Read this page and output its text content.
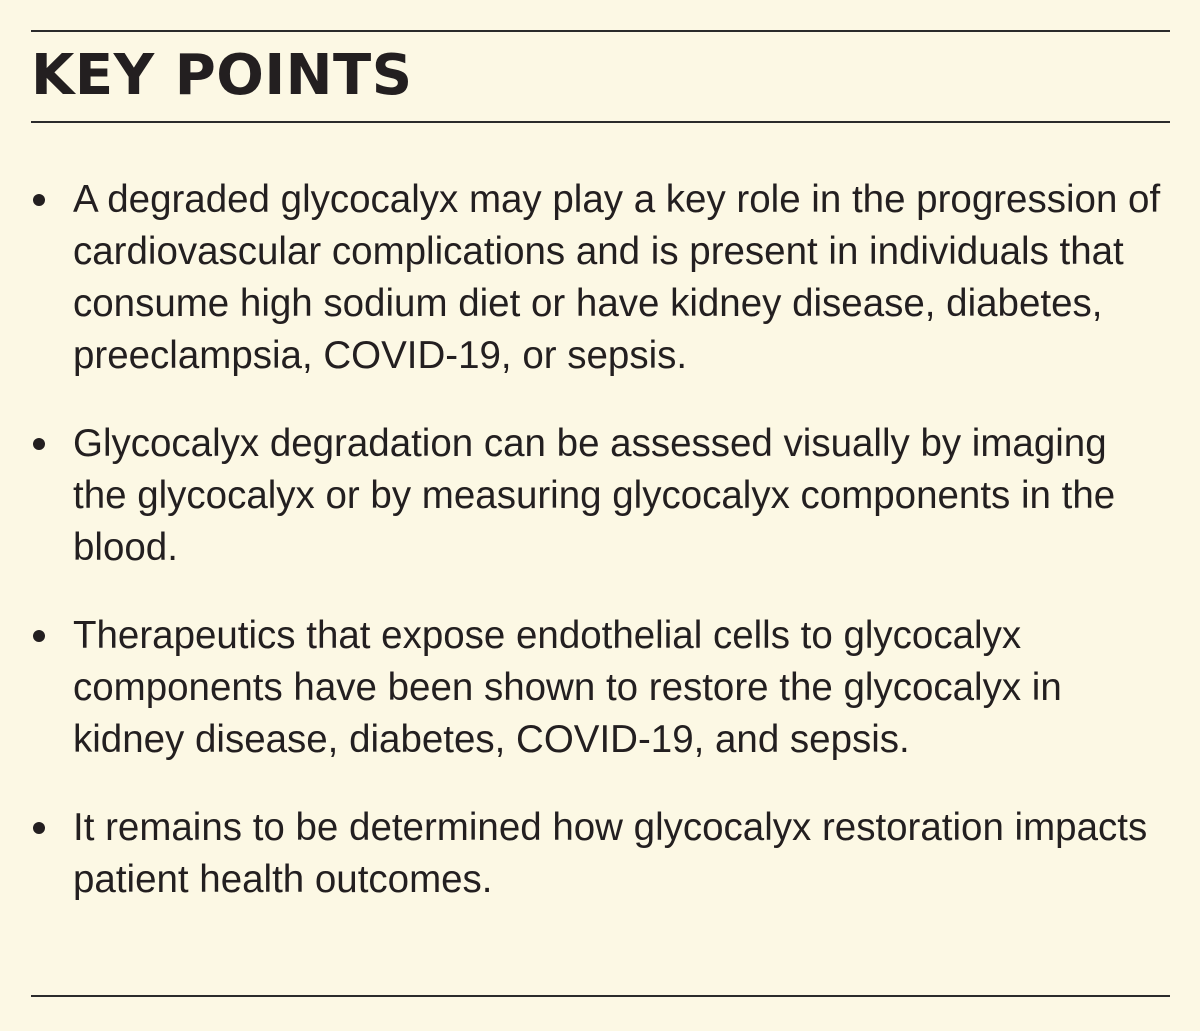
KEY POINTS
A degraded glycocalyx may play a key role in the progression of cardiovascular complications and is present in individuals that consume high sodium diet or have kidney disease, diabetes, preeclampsia, COVID-19, or sepsis.
Glycocalyx degradation can be assessed visually by imaging the glycocalyx or by measuring glycocalyx components in the blood.
Therapeutics that expose endothelial cells to glycocalyx components have been shown to restore the glycocalyx in kidney disease, diabetes, COVID-19, and sepsis.
It remains to be determined how glycocalyx restoration impacts patient health outcomes.
